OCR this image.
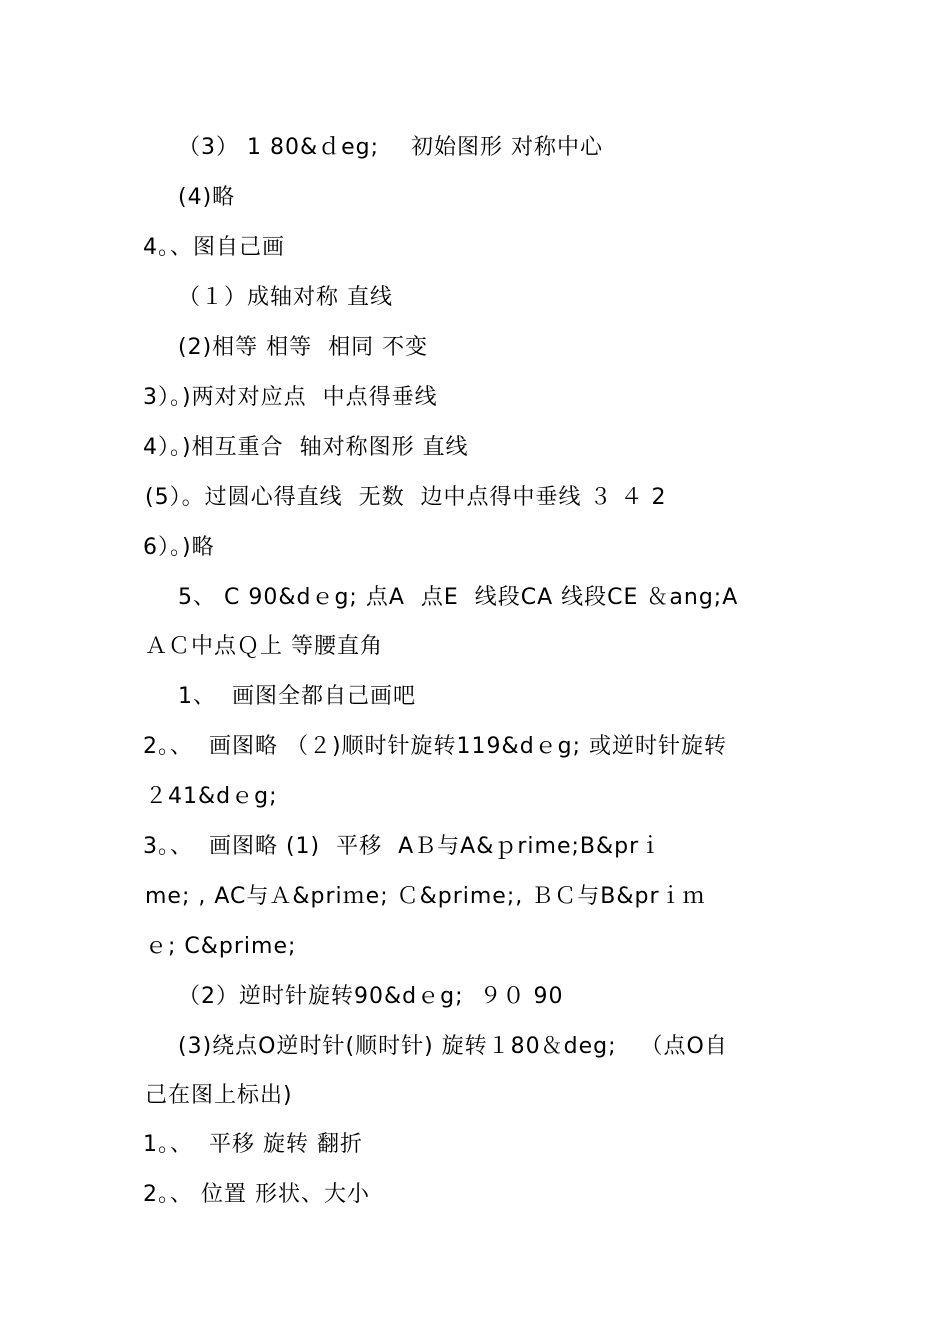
（3） 1 80&ｄeg;    初始图形 对称中心
(4)略
4。、图自己画
（１）成轴对称 直线
(2)相等 相等  相同 不变
3）。)两对对应点  中点得垂线
4）。)相互重合  轴对称图形 直线
(5）。过圆心得直线  无数  边中点得中垂线 ３ ４ 2
6）。)略
5、 C 90&dｅg; 点A  点E  线段CA 线段CE ＆ang;A
ＡＣ中点Ｑ上 等腰直角
1、  画图全都自己画吧
2。、  画图略 （２)顺时针旋转119&dｅg; 或逆时针旋转
２41&dｅg;
3。、  画图略 (1)  平移  AＢ与A&ｐrime;B&prｉ
me; , AC与Ａ&priｍe; Ｃ&prime;, ＢＣ与B&prｉｍ
ｅ; C&prime;
（2）逆时针旋转90&dｅg;  ９０ 90
(3)绕点O逆时针(顺时针) 旋转１80＆deg;   （点O自
己在图上标出)
1。、  平移 旋转 翻折
2。、 位置 形状、大小
